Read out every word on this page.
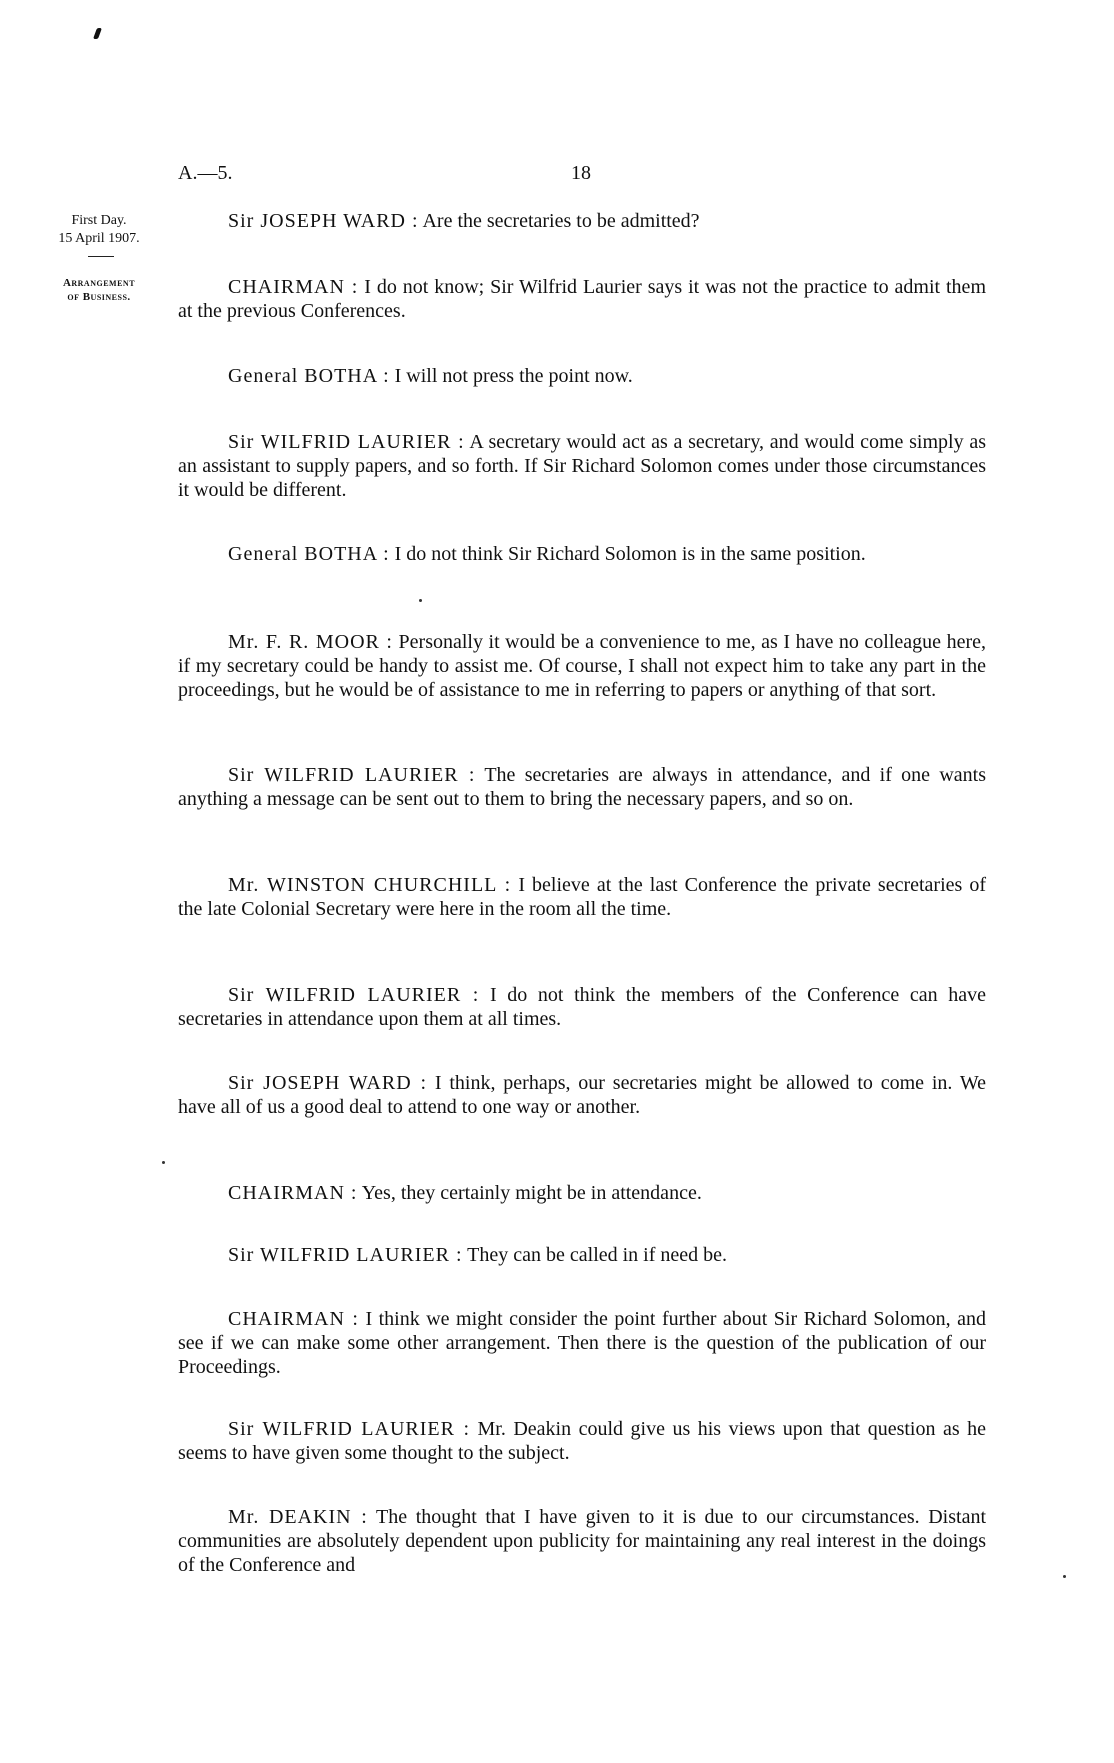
A.—5.	18
First Day.
15 April 1907.
Arrangement
of Business.

Sir JOSEPH WARD : Are the secretaries to be admitted?

CHAIRMAN : I do not know; Sir Wilfrid Laurier says it was not the practice to admit them at the previous Conferences.

General BOTHA : I will not press the point now.

Sir WILFRID LAURIER : A secretary would act as a secretary, and would come simply as an assistant to supply papers, and so forth. If Sir Richard Solomon comes under those circumstances it would be different.

General BOTHA : I do not think Sir Richard Solomon is in the same position.

Mr. F. R. MOOR : Personally it would be a convenience to me, as I have no colleague here, if my secretary could be handy to assist me. Of course, I shall not expect him to take any part in the proceedings, but he would be of assistance to me in referring to papers or anything of that sort.

Sir WILFRID LAURIER : The secretaries are always in attendance, and if one wants anything a message can be sent out to them to bring the necessary papers, and so on.

Mr. WINSTON CHURCHILL : I believe at the last Conference the private secretaries of the late Colonial Secretary were here in the room all the time.

Sir WILFRID LAURIER : I do not think the members of the Conference can have secretaries in attendance upon them at all times.

Sir JOSEPH WARD : I think, perhaps, our secretaries might be allowed to come in. We have all of us a good deal to attend to one way or another.

CHAIRMAN : Yes, they certainly might be in attendance.

Sir WILFRID LAURIER : They can be called in if need be.

CHAIRMAN : I think we might consider the point further about Sir Richard Solomon, and see if we can make some other arrangement. Then there is the question of the publication of our Proceedings.

Sir WILFRID LAURIER : Mr. Deakin could give us his views upon that question as he seems to have given some thought to the subject.

Mr. DEAKIN : The thought that I have given to it is due to our circumstances. Distant communities are absolutely dependent upon publicity for maintaining any real interest in the doings of the Conference and
